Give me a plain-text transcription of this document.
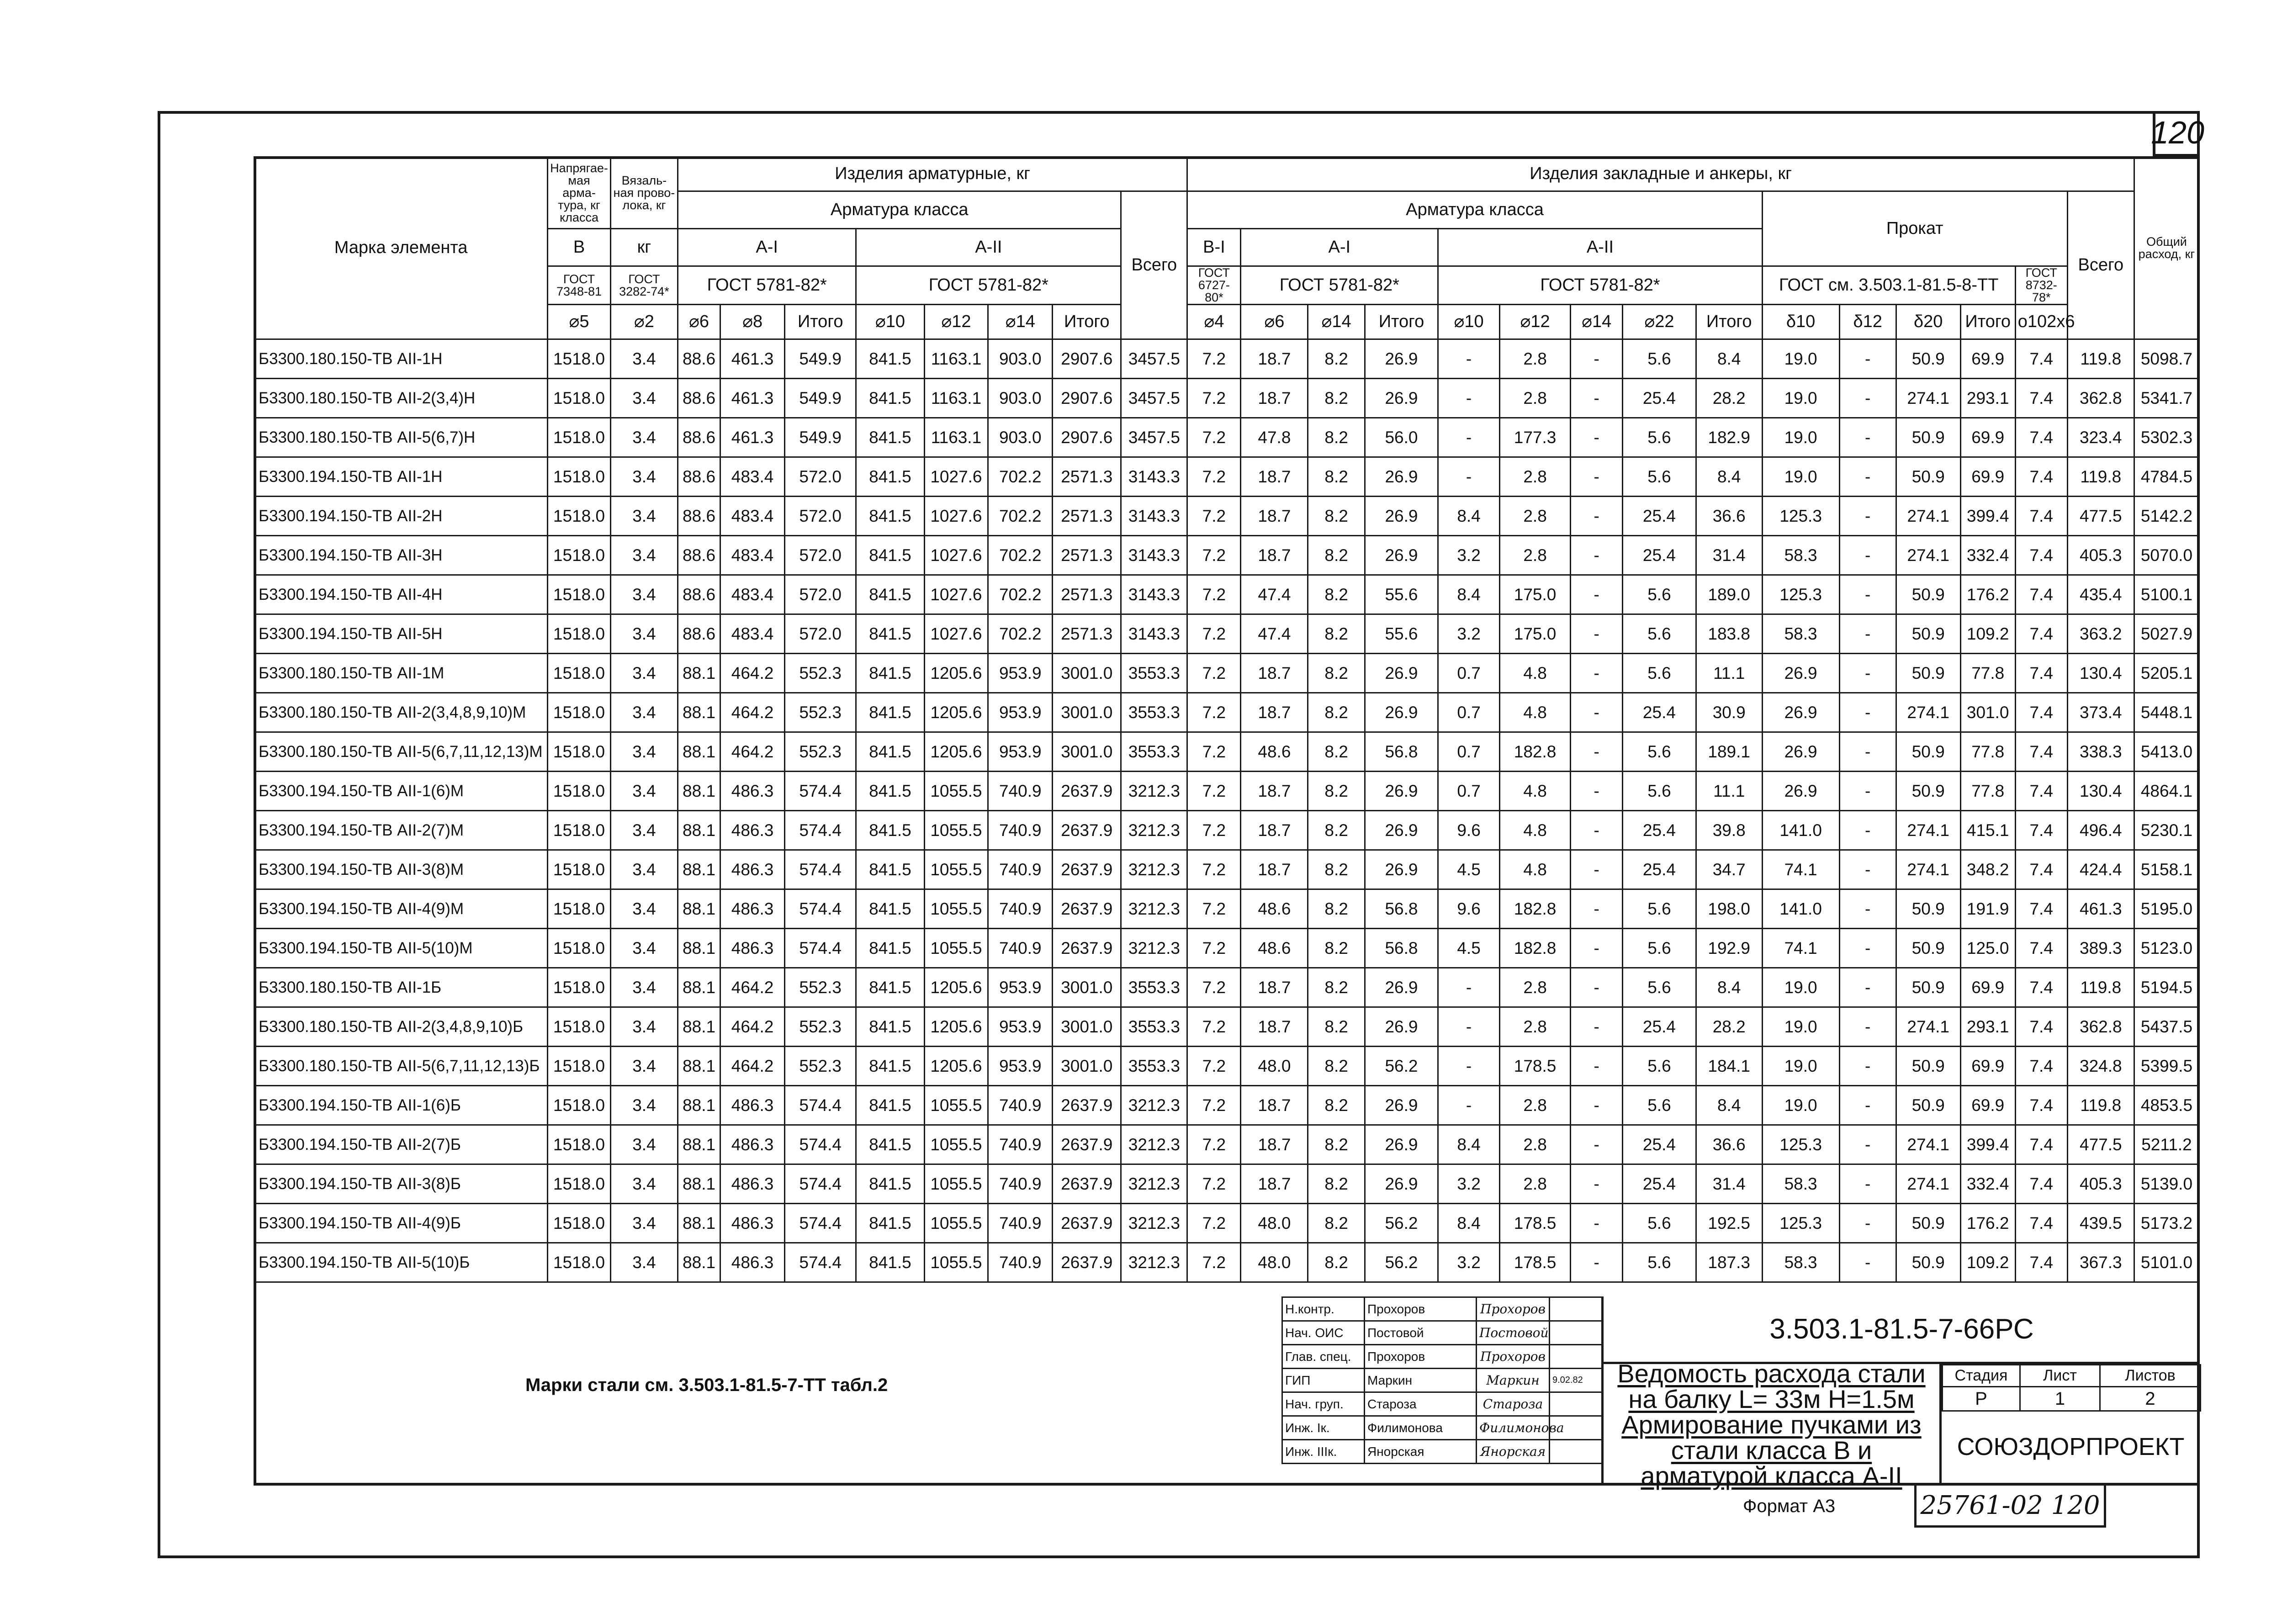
120
Марка элемента	Напрягае-мая арма-тура, кг класса	Вязаль-ная прово-лока, кг	Изделия арматурные, кг								Изделия закладные и анкеры, кг															Общий расход, кг
			Арматура класса							Всего	Арматура класса									Прокат					Всего	
	В	кг	А-I			А-II					В-I	А-I			А-II											
	ГОСТ 7348-81	ГОСТ 3282-74*	ГОСТ 5781-82*			ГОСТ 5781-82*					ГОСТ 6727-80*	ГОСТ 5781-82*			ГОСТ 5781-82*					ГОСТ см. 3.503.1-81.5-8-ТТ				ГОСТ 8732-78*		
	⌀5	⌀2	⌀6	⌀8	Итого	⌀10	⌀12	⌀14	Итого		⌀4	⌀6	⌀14	Итого	⌀10	⌀12	⌀14	⌀22	Итого	δ10	δ12	δ20	Итого	о102х6		
Б3300.180.150-ТВ АII-1Н	1518.0	3.4	88.6	461.3	549.9	841.5	1163.1	903.0	2907.6	3457.5	7.2	18.7	8.2	26.9	-	2.8	-	5.6	8.4	19.0	-	50.9	69.9	7.4	119.8	5098.7
Б3300.180.150-ТВ АII-2(3,4)Н	1518.0	3.4	88.6	461.3	549.9	841.5	1163.1	903.0	2907.6	3457.5	7.2	18.7	8.2	26.9	-	2.8	-	25.4	28.2	19.0	-	274.1	293.1	7.4	362.8	5341.7
Б3300.180.150-ТВ АII-5(6,7)Н	1518.0	3.4	88.6	461.3	549.9	841.5	1163.1	903.0	2907.6	3457.5	7.2	47.8	8.2	56.0	-	177.3	-	5.6	182.9	19.0	-	50.9	69.9	7.4	323.4	5302.3
Б3300.194.150-ТВ АII-1Н	1518.0	3.4	88.6	483.4	572.0	841.5	1027.6	702.2	2571.3	3143.3	7.2	18.7	8.2	26.9	-	2.8	-	5.6	8.4	19.0	-	50.9	69.9	7.4	119.8	4784.5
Б3300.194.150-ТВ АII-2Н	1518.0	3.4	88.6	483.4	572.0	841.5	1027.6	702.2	2571.3	3143.3	7.2	18.7	8.2	26.9	8.4	2.8	-	25.4	36.6	125.3	-	274.1	399.4	7.4	477.5	5142.2
Б3300.194.150-ТВ АII-3Н	1518.0	3.4	88.6	483.4	572.0	841.5	1027.6	702.2	2571.3	3143.3	7.2	18.7	8.2	26.9	3.2	2.8	-	25.4	31.4	58.3	-	274.1	332.4	7.4	405.3	5070.0
Б3300.194.150-ТВ АII-4Н	1518.0	3.4	88.6	483.4	572.0	841.5	1027.6	702.2	2571.3	3143.3	7.2	47.4	8.2	55.6	8.4	175.0	-	5.6	189.0	125.3	-	50.9	176.2	7.4	435.4	5100.1
Б3300.194.150-ТВ АII-5Н	1518.0	3.4	88.6	483.4	572.0	841.5	1027.6	702.2	2571.3	3143.3	7.2	47.4	8.2	55.6	3.2	175.0	-	5.6	183.8	58.3	-	50.9	109.2	7.4	363.2	5027.9
Б3300.180.150-ТВ АII-1М	1518.0	3.4	88.1	464.2	552.3	841.5	1205.6	953.9	3001.0	3553.3	7.2	18.7	8.2	26.9	0.7	4.8	-	5.6	11.1	26.9	-	50.9	77.8	7.4	130.4	5205.1
Б3300.180.150-ТВ АII-2(3,4,8,9,10)М	1518.0	3.4	88.1	464.2	552.3	841.5	1205.6	953.9	3001.0	3553.3	7.2	18.7	8.2	26.9	0.7	4.8	-	25.4	30.9	26.9	-	274.1	301.0	7.4	373.4	5448.1
Б3300.180.150-ТВ АII-5(6,7,11,12,13)М	1518.0	3.4	88.1	464.2	552.3	841.5	1205.6	953.9	3001.0	3553.3	7.2	48.6	8.2	56.8	0.7	182.8	-	5.6	189.1	26.9	-	50.9	77.8	7.4	338.3	5413.0
Б3300.194.150-ТВ АII-1(6)М	1518.0	3.4	88.1	486.3	574.4	841.5	1055.5	740.9	2637.9	3212.3	7.2	18.7	8.2	26.9	0.7	4.8	-	5.6	11.1	26.9	-	50.9	77.8	7.4	130.4	4864.1
Б3300.194.150-ТВ АII-2(7)М	1518.0	3.4	88.1	486.3	574.4	841.5	1055.5	740.9	2637.9	3212.3	7.2	18.7	8.2	26.9	9.6	4.8	-	25.4	39.8	141.0	-	274.1	415.1	7.4	496.4	5230.1
Б3300.194.150-ТВ АII-3(8)М	1518.0	3.4	88.1	486.3	574.4	841.5	1055.5	740.9	2637.9	3212.3	7.2	18.7	8.2	26.9	4.5	4.8	-	25.4	34.7	74.1	-	274.1	348.2	7.4	424.4	5158.1
Б3300.194.150-ТВ АII-4(9)М	1518.0	3.4	88.1	486.3	574.4	841.5	1055.5	740.9	2637.9	3212.3	7.2	48.6	8.2	56.8	9.6	182.8	-	5.6	198.0	141.0	-	50.9	191.9	7.4	461.3	5195.0
Б3300.194.150-ТВ АII-5(10)М	1518.0	3.4	88.1	486.3	574.4	841.5	1055.5	740.9	2637.9	3212.3	7.2	48.6	8.2	56.8	4.5	182.8	-	5.6	192.9	74.1	-	50.9	125.0	7.4	389.3	5123.0
Б3300.180.150-ТВ АII-1Б	1518.0	3.4	88.1	464.2	552.3	841.5	1205.6	953.9	3001.0	3553.3	7.2	18.7	8.2	26.9	-	2.8	-	5.6	8.4	19.0	-	50.9	69.9	7.4	119.8	5194.5
Б3300.180.150-ТВ АII-2(3,4,8,9,10)Б	1518.0	3.4	88.1	464.2	552.3	841.5	1205.6	953.9	3001.0	3553.3	7.2	18.7	8.2	26.9	-	2.8	-	25.4	28.2	19.0	-	274.1	293.1	7.4	362.8	5437.5
Б3300.180.150-ТВ АII-5(6,7,11,12,13)Б	1518.0	3.4	88.1	464.2	552.3	841.5	1205.6	953.9	3001.0	3553.3	7.2	48.0	8.2	56.2	-	178.5	-	5.6	184.1	19.0	-	50.9	69.9	7.4	324.8	5399.5
Б3300.194.150-ТВ АII-1(6)Б	1518.0	3.4	88.1	486.3	574.4	841.5	1055.5	740.9	2637.9	3212.3	7.2	18.7	8.2	26.9	-	2.8	-	5.6	8.4	19.0	-	50.9	69.9	7.4	119.8	4853.5
Б3300.194.150-ТВ АII-2(7)Б	1518.0	3.4	88.1	486.3	574.4	841.5	1055.5	740.9	2637.9	3212.3	7.2	18.7	8.2	26.9	8.4	2.8	-	25.4	36.6	125.3	-	274.1	399.4	7.4	477.5	5211.2
Б3300.194.150-ТВ АII-3(8)Б	1518.0	3.4	88.1	486.3	574.4	841.5	1055.5	740.9	2637.9	3212.3	7.2	18.7	8.2	26.9	3.2	2.8	-	25.4	31.4	58.3	-	274.1	332.4	7.4	405.3	5139.0
Б3300.194.150-ТВ АII-4(9)Б	1518.0	3.4	88.1	486.3	574.4	841.5	1055.5	740.9	2637.9	3212.3	7.2	48.0	8.2	56.2	8.4	178.5	-	5.6	192.5	125.3	-	50.9	176.2	7.4	439.5	5173.2
Б3300.194.150-ТВ АII-5(10)Б	1518.0	3.4	88.1	486.3	574.4	841.5	1055.5	740.9	2637.9	3212.3	7.2	48.0	8.2	56.2	3.2	178.5	-	5.6	187.3	58.3	-	50.9	109.2	7.4	367.3	5101.0
Марки стали см. 3.503.1-81.5-7-ТТ табл.2
Н.контр.	Прохоров	Прохоров	
Нач. ОИС	Постовой	Постовой	
Глав. спец.	Прохоров	Прохоров	
ГИП	Маркин	Маркин	9.02.82
Нач. груп.	Староза	Староза	
Инж. Iк.	Филимонова	Филимонова	
Инж. IIIк.	Янорская	Янорская	
3.503.1-81.5-7-66РС
Ведомость расхода стали
на балку L= 33м H=1.5м
Армирование пучками из
стали класса В и
арматурой класса А-II
Стадия	Лист	Листов
Р	1	2
СОЮЗДОРПРОЕКТ
Формат А3	25761-02 120
